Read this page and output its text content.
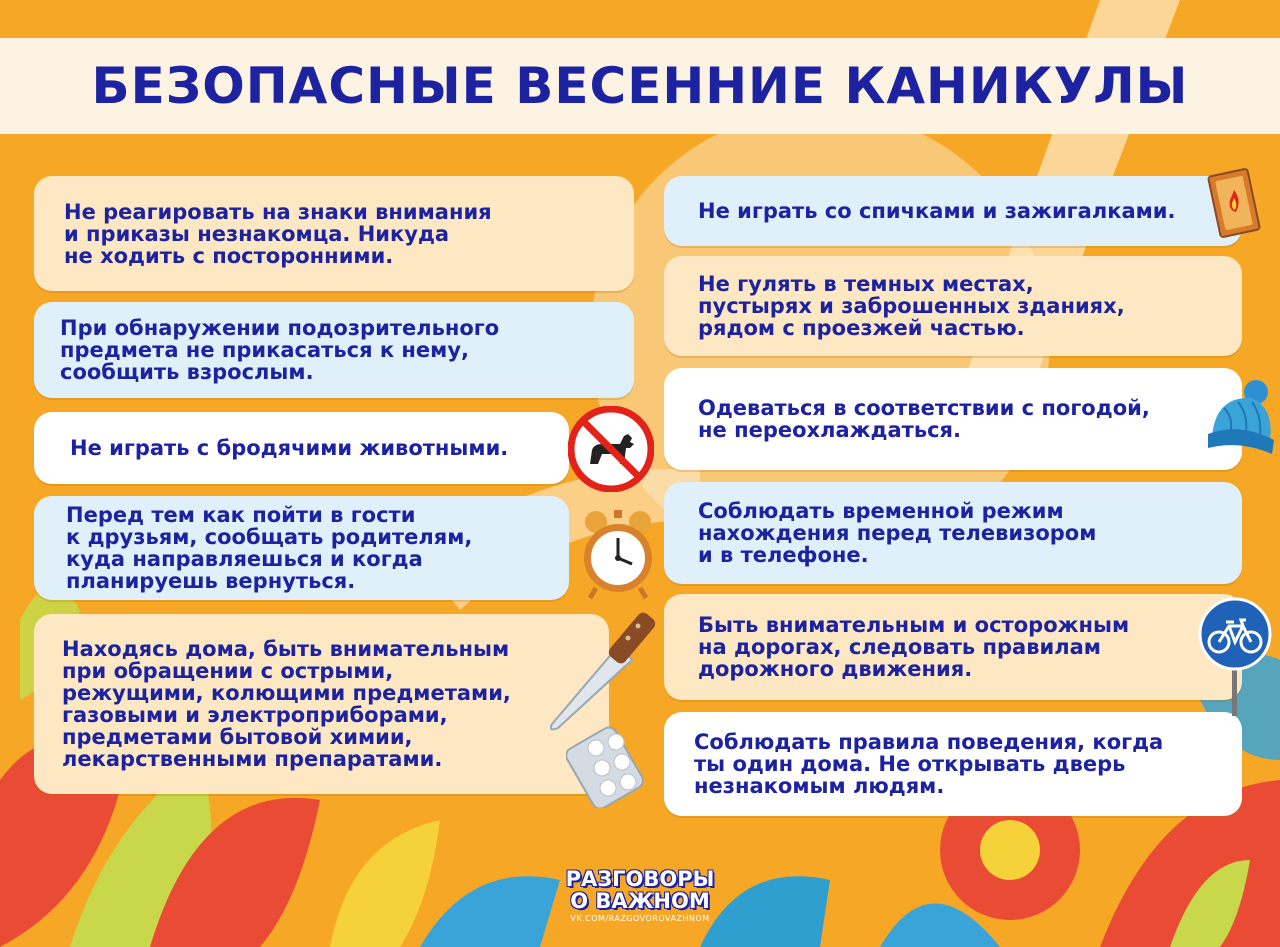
БЕЗОПАСНЫЕ ВЕСЕННИЕ КАНИКУЛЫ
Не реагировать на знаки внимания
и приказы незнакомца. Никуда
не ходить с посторонними.
При обнаружении подозрительного
предмета не прикасаться к нему,
сообщить взрослым.
Не играть с бродячими животными.
Перед тем как пойти в гости
к друзьям, сообщать родителям,
куда направляешься и когда
планируешь вернуться.
Находясь дома, быть внимательным
при обращении с острыми,
режущими, колющими предметами,
газовыми и электроприборами,
предметами бытовой химии,
лекарственными препаратами.
Не играть со спичками и зажигалками.
Не гулять в темных местах,
пустырях и заброшенных зданиях,
рядом с проезжей частью.
Одеваться в соответствии с погодой,
не переохлаждаться.
Соблюдать временной режим
нахождения перед телевизором
и в телефоне.
Быть внимательным и осторожным
на дорогах, следовать правилам
дорожного движения.
Соблюдать правила поведения, когда
ты один дома. Не открывать дверь
незнакомым людям.
РАЗГОВОРЫ
О ВАЖНОМ
VK.COM/RAZGOVOROVAZHNOM
